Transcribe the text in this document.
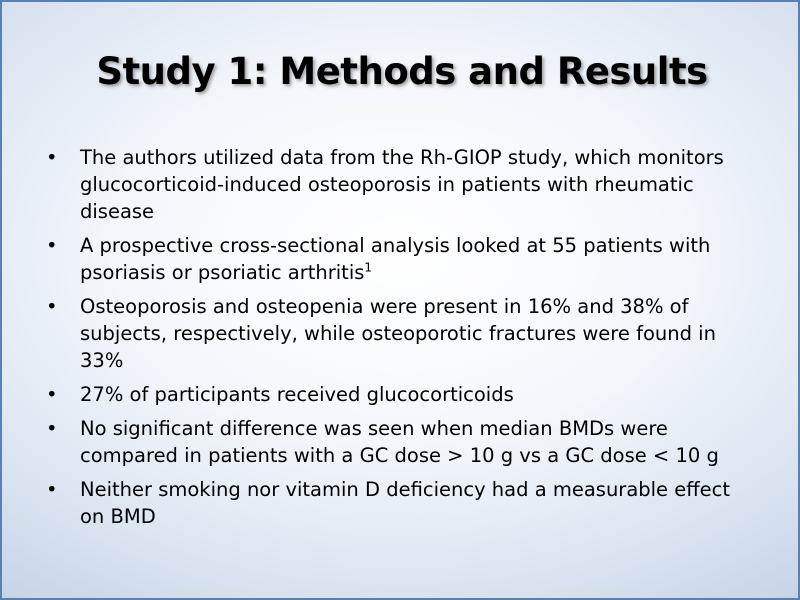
Study 1: Methods and Results
•	The authors utilized data from the Rh-GIOP study, which monitors glucocorticoid-induced osteoporosis in patients with rheumatic disease
•	A prospective cross-sectional analysis looked at 55 patients with psoriasis or psoriatic arthritis$^1$
•	Osteoporosis and osteopenia were present in 16% and 38% of subjects, respectively, while osteoporotic fractures were found in 33%
•	27% of participants received glucocorticoids
•	No significant difference was seen when median BMDs were compared in patients with a GC dose > 10 g vs a GC dose < 10 g
•	Neither smoking nor vitamin D deficiency had a measurable effect on BMD
